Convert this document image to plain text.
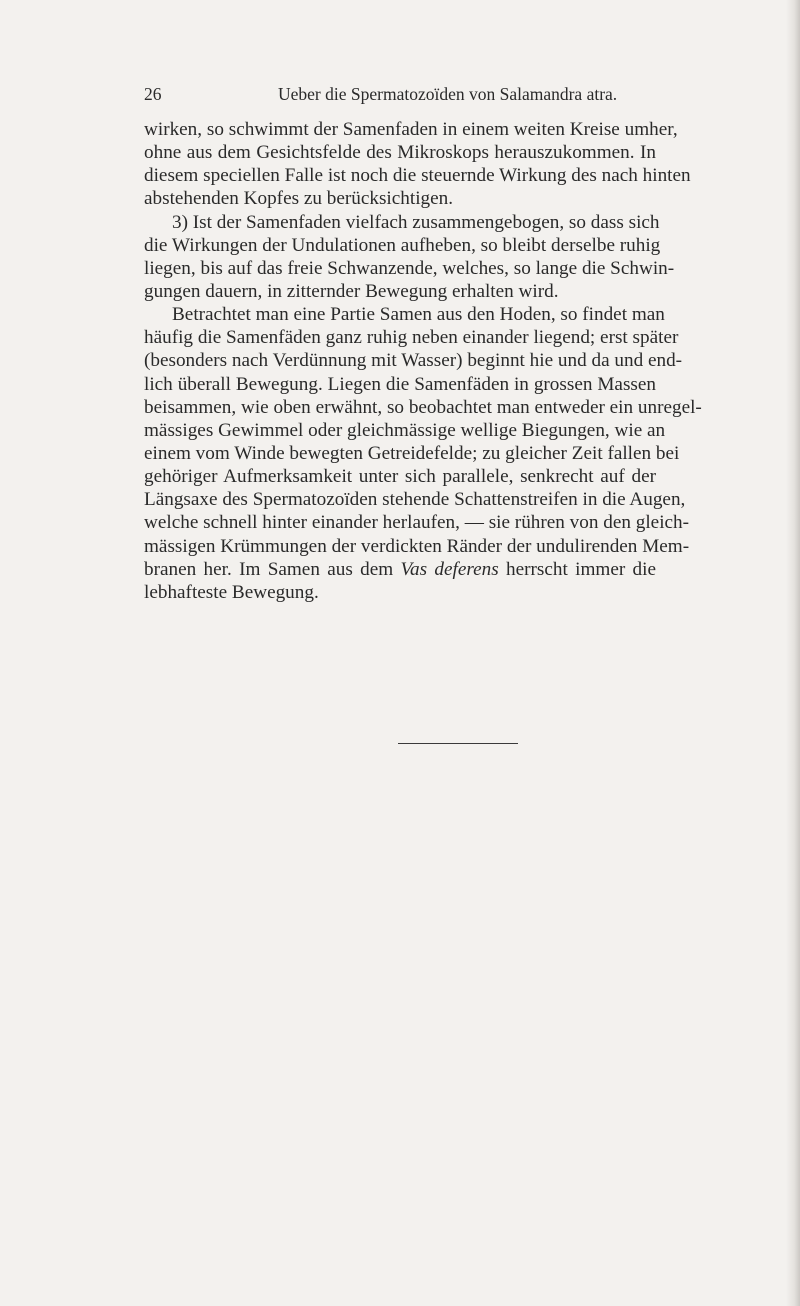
26	Ueber die Spermatozoïden von Salamandra atra.
wirken, so schwimmt der Samenfaden in einem weiten Kreise umher,
ohne aus dem Gesichtsfelde des Mikroskops herauszukommen. In
diesem speciellen Falle ist noch die steuernde Wirkung des nach hinten
abstehenden Kopfes zu berücksichtigen.
3) Ist der Samenfaden vielfach zusammengebogen, so dass sich
die Wirkungen der Undulationen aufheben, so bleibt derselbe ruhig
liegen, bis auf das freie Schwanzende, welches, so lange die Schwin-
gungen dauern, in zitternder Bewegung erhalten wird.
Betrachtet man eine Partie Samen aus den Hoden, so findet man
häufig die Samenfäden ganz ruhig neben einander liegend; erst später
(besonders nach Verdünnung mit Wasser) beginnt hie und da und end-
lich überall Bewegung. Liegen die Samenfäden in grossen Massen
beisammen, wie oben erwähnt, so beobachtet man entweder ein unregel-
mässiges Gewimmel oder gleichmässige wellige Biegungen, wie an
einem vom Winde bewegten Getreidefelde; zu gleicher Zeit fallen bei
gehöriger Aufmerksamkeit unter sich parallele, senkrecht auf der
Längsaxe des Spermatozoïden stehende Schattenstreifen in die Augen,
welche schnell hinter einander herlaufen, — sie rühren von den gleich-
mässigen Krümmungen der verdickten Ränder der undulirenden Mem-
branen her. Im Samen aus dem Vas deferens herrscht immer die
lebhafteste Bewegung.
